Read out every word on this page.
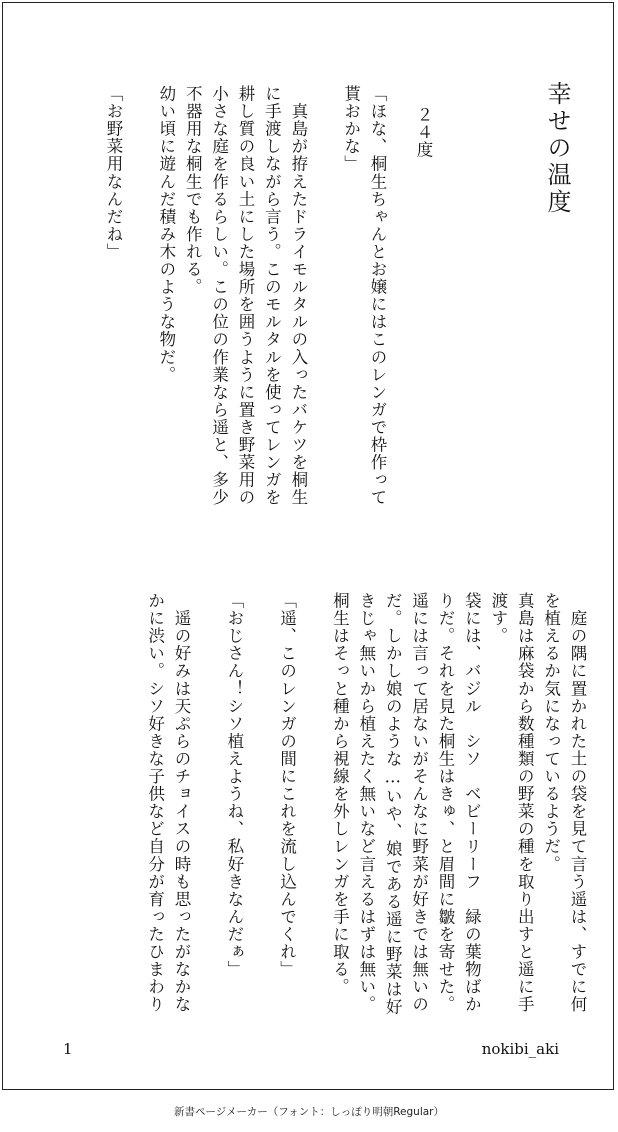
幸せの温度
２４度
「ほな、桐生ちゃんとお嬢にはこのレンガで枠作って
貰おかな」
　真島が拵えたドライモルタルの入ったバケツを桐生
に手渡しながら言う。このモルタルを使ってレンガを
耕し質の良い土にした場所を囲うように置き野菜用の
小さな庭を作るらしい。この位の作業なら遥と、多少
不器用な桐生でも作れる。
幼い頃に遊んだ積み木のような物だ。
「お野菜用なんだね」
　庭の隅に置かれた土の袋を見て言う遥は、すでに何
を植えるか気になっているようだ。
真島は麻袋から数種類の野菜の種を取り出すと遥に手
渡す。
袋には、バジル　シソ　ベビーリーフ　緑の葉物ばか
りだ。それを見た桐生はきゅ、と眉間に皺を寄せた。
遥には言って居ないがそんなに野菜が好きでは無いの
だ。しかし娘のような…いや、娘である遥に野菜は好
きじゃ無いから植えたく無いなど言えるはずは無い。
桐生はそっと種から視線を外しレンガを手に取る。
「遥、このレンガの間にこれを流し込んでくれ」
「おじさん！シソ植えようね、私好きなんだぁ」
　遥の好みは天ぷらのチョイスの時も思ったがなかな
かに渋い。シソ好きな子供など自分が育ったひまわり
1	nokibi_aki
新書ページメーカー（フォント：しっぽり明朝Regular）
